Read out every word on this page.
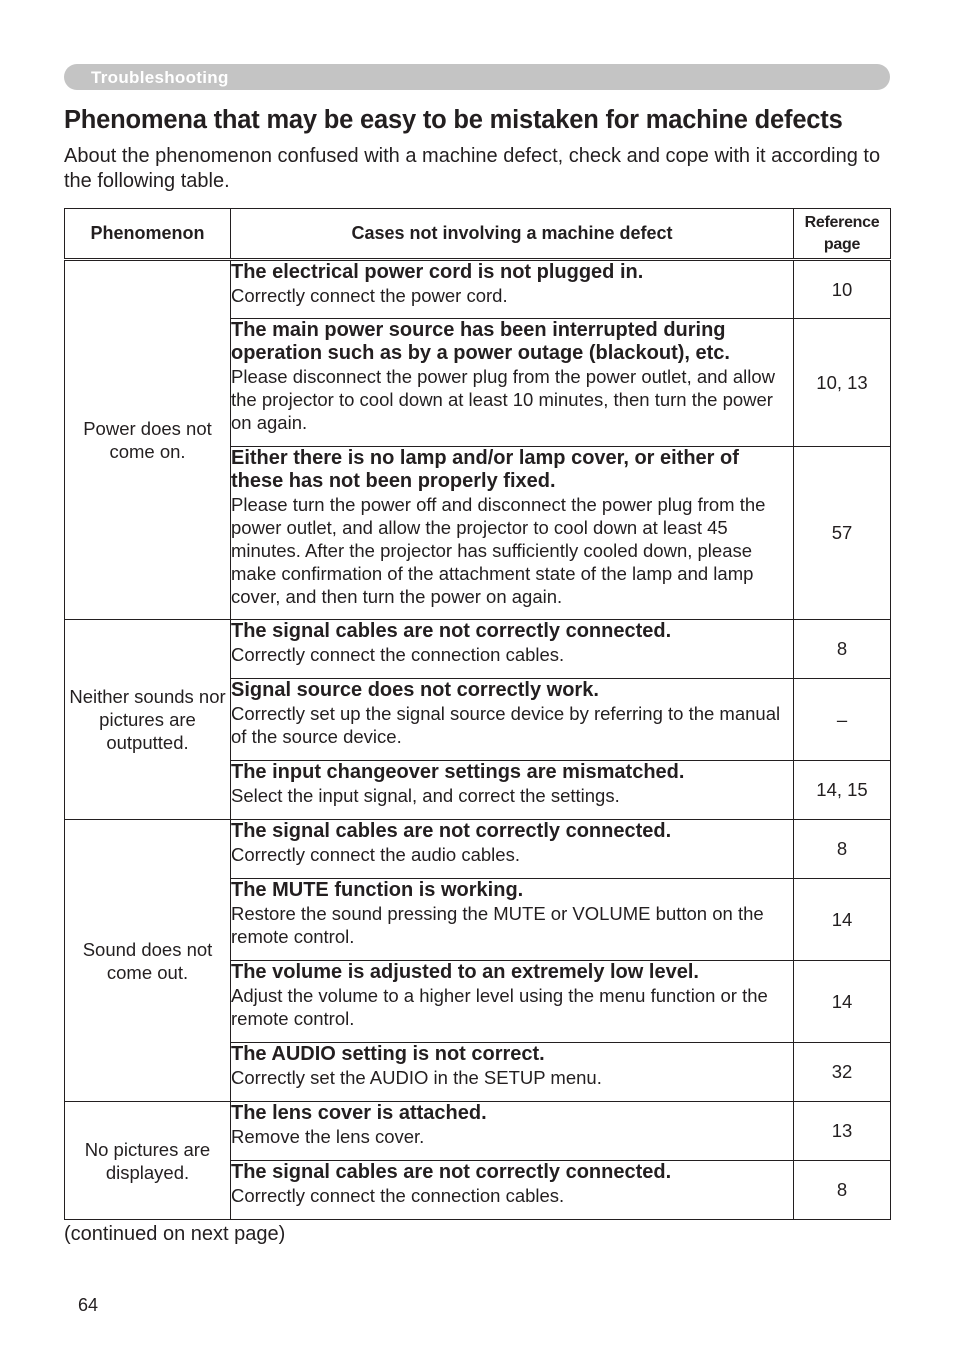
Troubleshooting
Phenomena that may be easy to be mistaken for machine defects

About the phenomenon confused with a machine defect, check and cope with it according to the following table.

Phenomenon	Cases not involving a machine defect	Reference
page
Power does not come on.	The electrical power cord is not plugged in.
Correctly connect the power cord.	10

	The main power source has been interrupted during operation such as by a power outage (blackout), etc.
Please disconnect the power plug from the power outlet, and allow the projector to cool down at least 10 minutes, then turn the power on again.	10, 13

	Either there is no lamp and/or lamp cover, or either of these has not been properly fixed.
Please turn the power off and disconnect the power plug from the power outlet, and allow the projector to cool down at least 45 minutes. After the projector has sufficiently cooled down, please make confirmation of the attachment state of the lamp and lamp cover, and then turn the power on again.	57
Neither sounds nor pictures are outputted.	The signal cables are not correctly connected.
Correctly connect the connection cables.	8

	Signal source does not correctly work.
Correctly set up the signal source device by referring to the manual of the source device.	–

	The input changeover settings are mismatched.
Select the input signal, and correct the settings.	14, 15
Sound does not come out.	The signal cables are not correctly connected.
Correctly connect the audio cables.	8

	The MUTE function is working.
Restore the sound pressing the MUTE or VOLUME button on the remote control.	14

	The volume is adjusted to an extremely low level.
Adjust the volume to a higher level using the menu function or the remote control.	14

	The AUDIO setting is not correct.
Correctly set the AUDIO in the SETUP menu.	32
No pictures are displayed.	The lens cover is attached.
Remove the lens cover.	13

	The signal cables are not correctly connected.
Correctly connect the connection cables.	8
(continued on next page)
64
